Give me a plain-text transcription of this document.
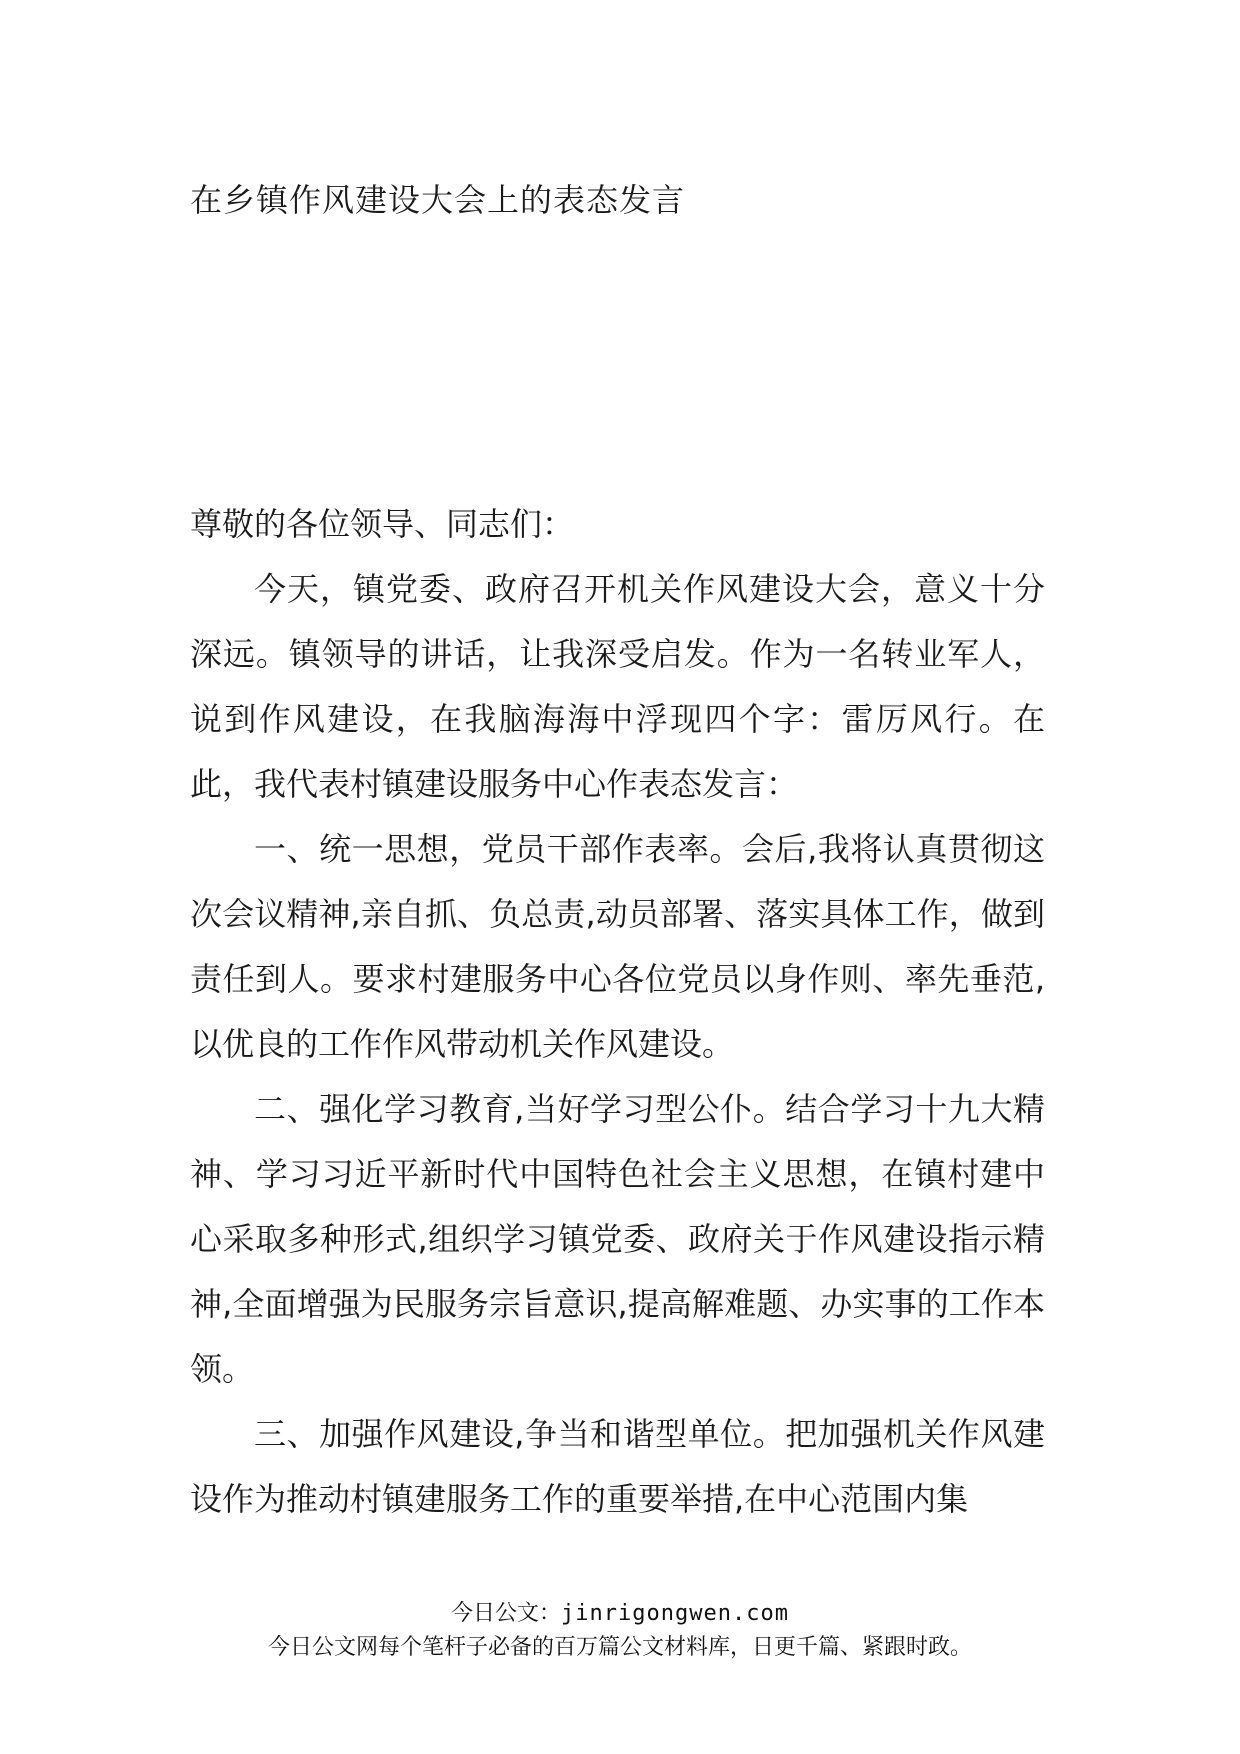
在乡镇作风建设大会上的表态发言

尊敬的各位领导、同志们：

今天，镇党委、政府召开机关作风建设大会，意义十分深远。镇领导的讲话，让我深受启发。作为一名转业军人，说到作风建设，在我脑海海中浮现四个字：雷厉风行。在此，我代表村镇建设服务中心作表态发言：

一、统一思想，党员干部作表率。会后,我将认真贯彻这次会议精神,亲自抓、负总责,动员部署、落实具体工作，做到责任到人。要求村建服务中心各位党员以身作则、率先垂范,以优良的工作作风带动机关作风建设。

二、强化学习教育,当好学习型公仆。结合学习十九大精神、学习习近平新时代中国特色社会主义思想，在镇村建中心采取多种形式,组织学习镇党委、政府关于作风建设指示精神,全面增强为民服务宗旨意识,提高解难题、办实事的工作本领。

三、加强作风建设,争当和谐型单位。把加强机关作风建设作为推动村镇建服务工作的重要举措,在中心范围内集

今日公文：jinrigongwen.com
今日公文网每个笔杆子必备的百万篇公文材料库，日更千篇、紧跟时政。
